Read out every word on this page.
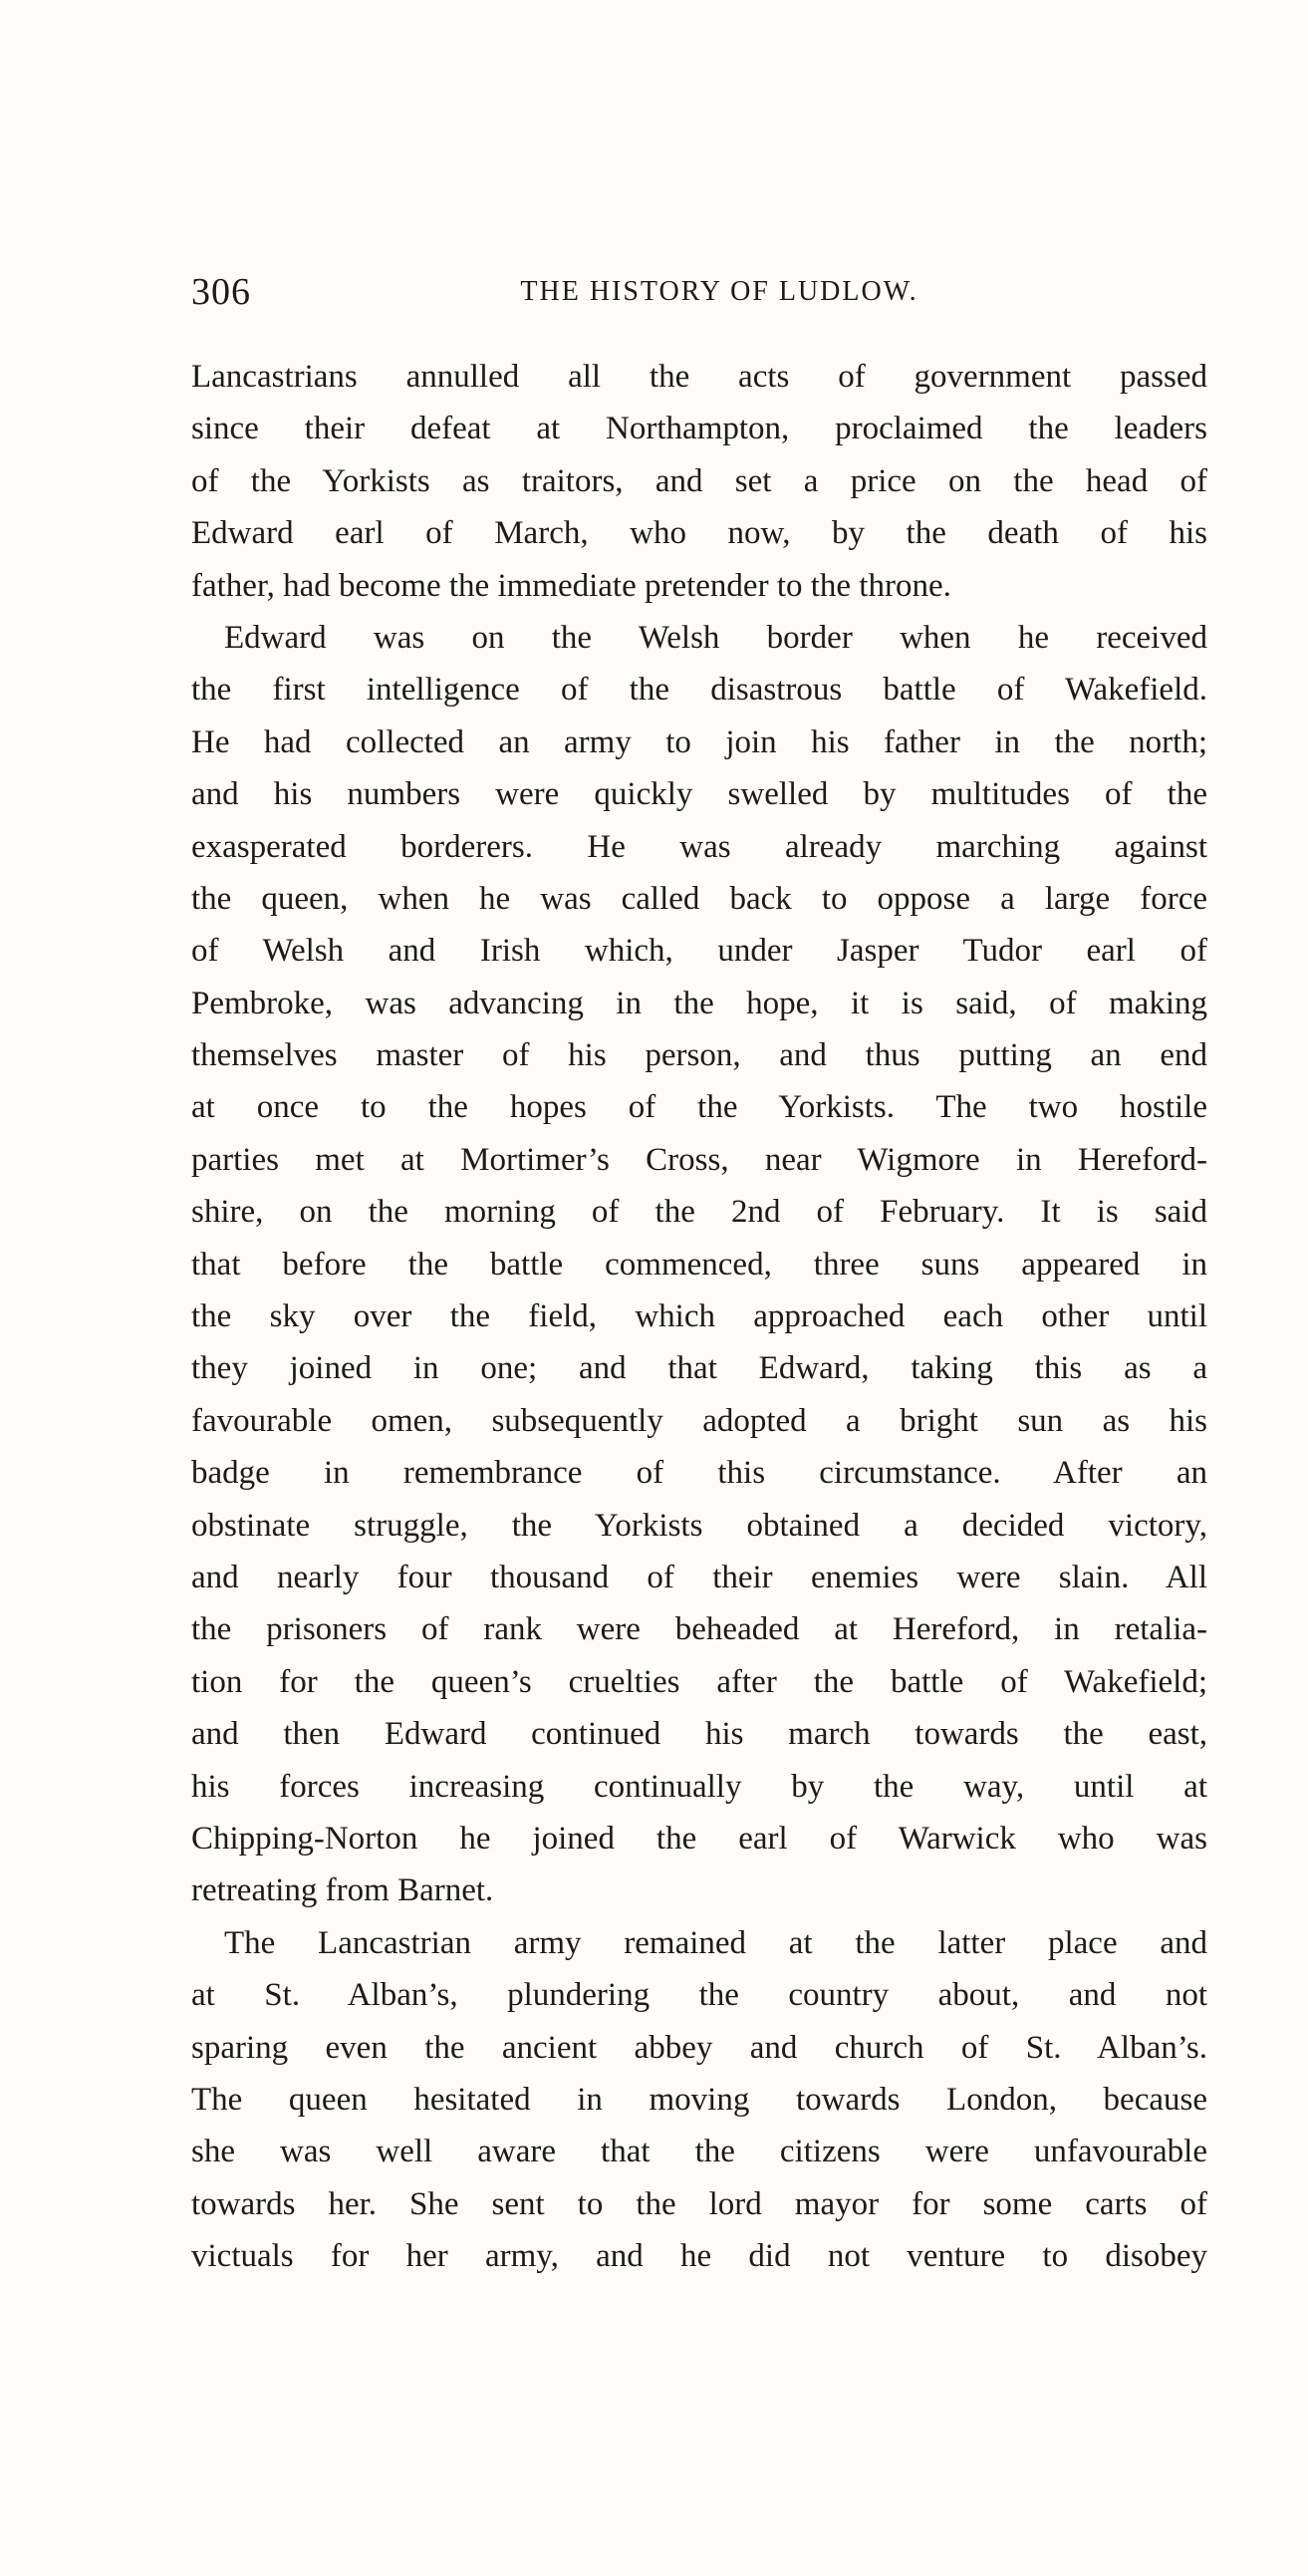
306	THE HISTORY OF LUDLOW.
Lancastrians annulled all the acts of government passed
since their defeat at Northampton, proclaimed the leaders
of the Yorkists as traitors, and set a price on the head of
Edward earl of March, who now, by the death of his
father, had become the immediate pretender to the throne.
Edward was on the Welsh border when he received
the first intelligence of the disastrous battle of Wakefield.
He had collected an army to join his father in the north;
and his numbers were quickly swelled by multitudes of the
exasperated borderers. He was already marching against
the queen, when he was called back to oppose a large force
of Welsh and Irish which, under Jasper Tudor earl of
Pembroke, was advancing in the hope, it is said, of making
themselves master of his person, and thus putting an end
at once to the hopes of the Yorkists. The two hostile
parties met at Mortimer’s Cross, near Wigmore in Hereford-
shire, on the morning of the 2nd of February. It is said
that before the battle commenced, three suns appeared in
the sky over the field, which approached each other until
they joined in one; and that Edward, taking this as a
favourable omen, subsequently adopted a bright sun as his
badge in remembrance of this circumstance. After an
obstinate struggle, the Yorkists obtained a decided victory,
and nearly four thousand of their enemies were slain. All
the prisoners of rank were beheaded at Hereford, in retalia-
tion for the queen’s cruelties after the battle of Wakefield;
and then Edward continued his march towards the east,
his forces increasing continually by the way, until at
Chipping-Norton he joined the earl of Warwick who was
retreating from Barnet.
The Lancastrian army remained at the latter place and
at St. Alban’s, plundering the country about, and not
sparing even the ancient abbey and church of St. Alban’s.
The queen hesitated in moving towards London, because
she was well aware that the citizens were unfavourable
towards her. She sent to the lord mayor for some carts of
victuals for her army, and he did not venture to disobey
